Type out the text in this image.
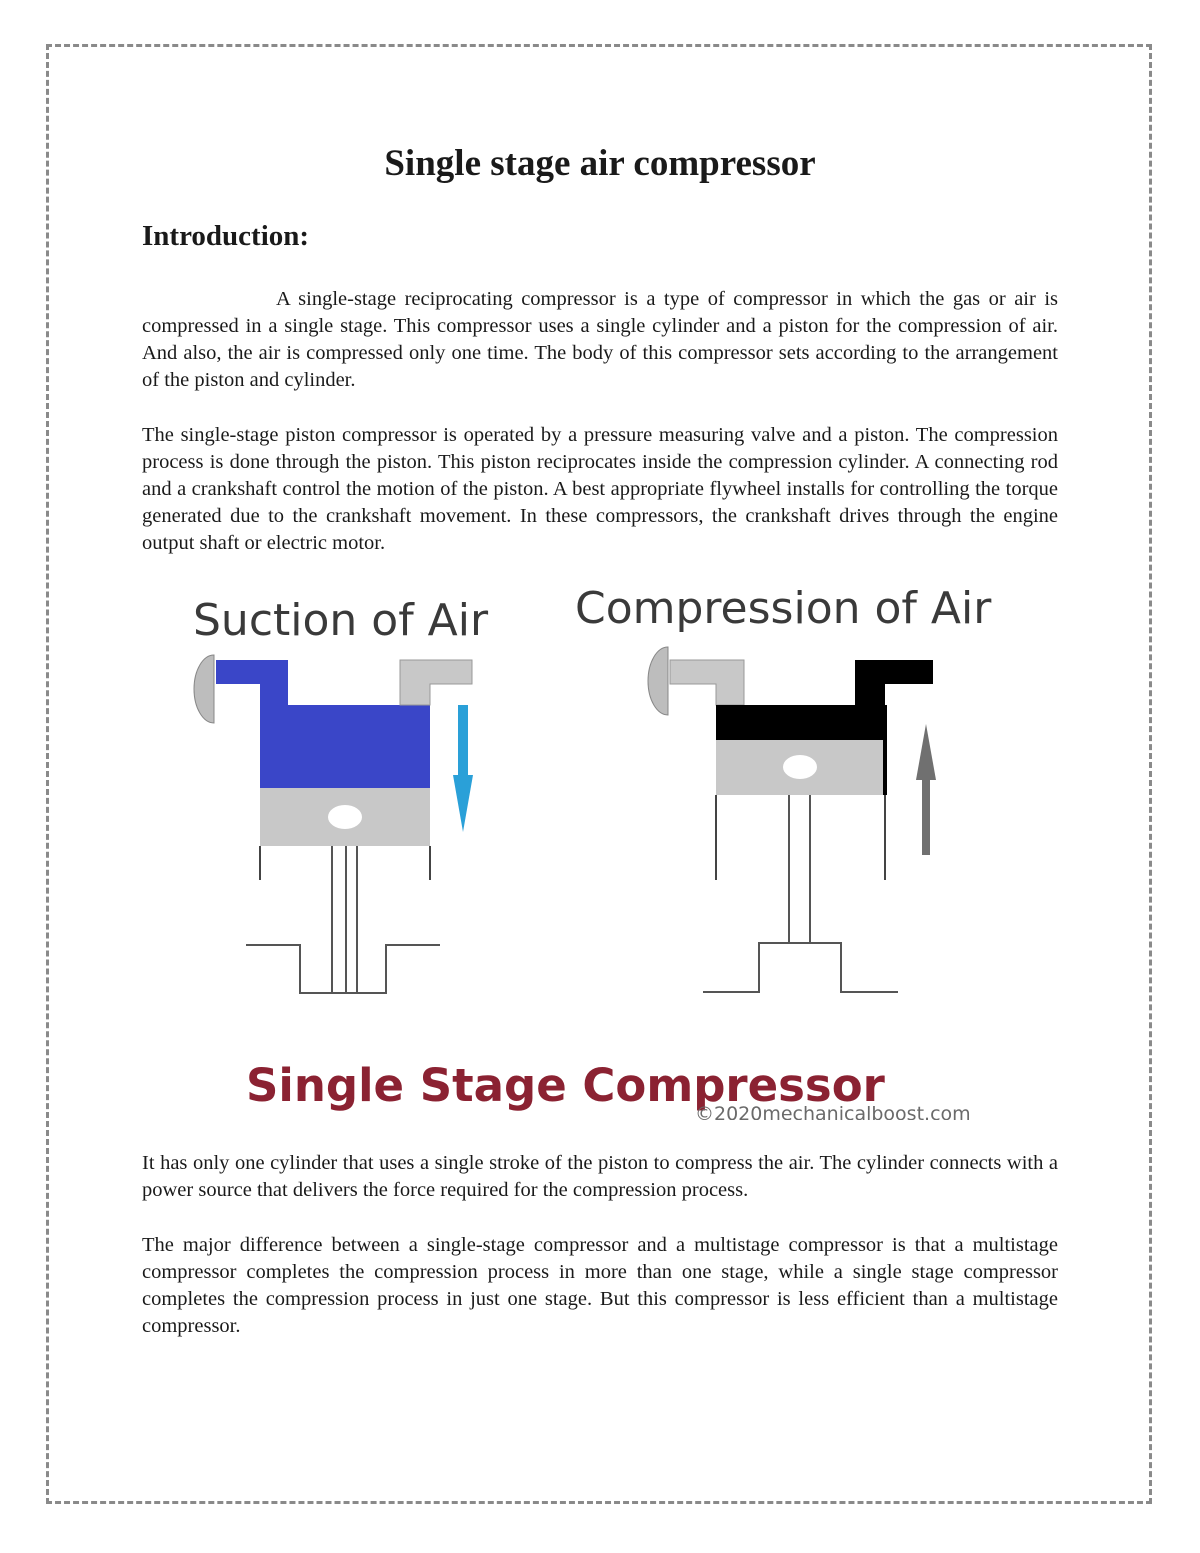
Single stage air compressor
Introduction:

A single-stage reciprocating compressor is a type of compressor in which the gas or air is compressed in a single stage. This compressor uses a single cylinder and a piston for the compression of air. And also, the air is compressed only one time. The body of this compressor sets according to the arrangement of the piston and cylinder.

The single-stage piston compressor is operated by a pressure measuring valve and a piston. The compression process is done through the piston. This piston reciprocates inside the compression cylinder. A connecting rod and a crankshaft control the motion of the piston. A best appropriate flywheel installs for controlling the torque generated due to the crankshaft movement. In these compressors, the crankshaft drives through the engine output shaft or electric motor.

Suction of Air Compression of Air
Single Stage Compressor
©2020mechanicalboost.com

It has only one cylinder that uses a single stroke of the piston to compress the air. The cylinder connects with a power source that delivers the force required for the compression process.

The major difference between a single-stage compressor and a multistage compressor is that a multistage compressor completes the compression process in more than one stage, while a single stage compressor completes the compression process in just one stage. But this compressor is less efficient than a multistage compressor.
